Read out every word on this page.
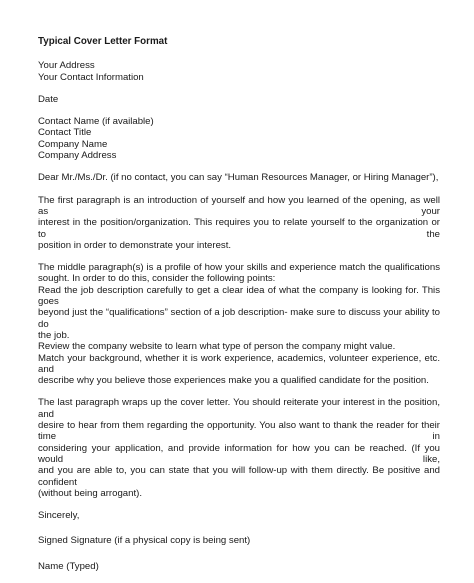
Typical Cover Letter Format
Your Address
Your Contact Information
Date
Contact Name (if available)
Contact Title
Company Name
Company Address
Dear Mr./Ms./Dr. (if no contact, you can say “Human Resources Manager, or Hiring Manager”),
The first paragraph is an introduction of yourself and how you learned of the opening, as well as your
interest in the position/organization. This requires you to relate yourself to the organization or to the
position in order to demonstrate your interest.
The middle paragraph(s) is a profile of how your skills and experience match the qualifications
sought. In order to do this, consider the following points:
Read the job description carefully to get a clear idea of what the company is looking for. This goes
beyond just the “qualifications” section of a job description- make sure to discuss your ability to do
the job.
Review the company website to learn what type of person the company might value.
Match your background, whether it is work experience, academics, volunteer experience, etc. and
describe why you believe those experiences make you a qualified candidate for the position.
The last paragraph wraps up the cover letter. You should reiterate your interest in the position, and
desire to hear from them regarding the opportunity. You also want to thank the reader for their time in
considering your application, and provide information for how you can be reached. (If you would like,
and you are able to, you can state that you will follow-up with them directly. Be positive and confident
(without being arrogant).
Sincerely,
Signed Signature (if a physical copy is being sent)
Name (Typed)
